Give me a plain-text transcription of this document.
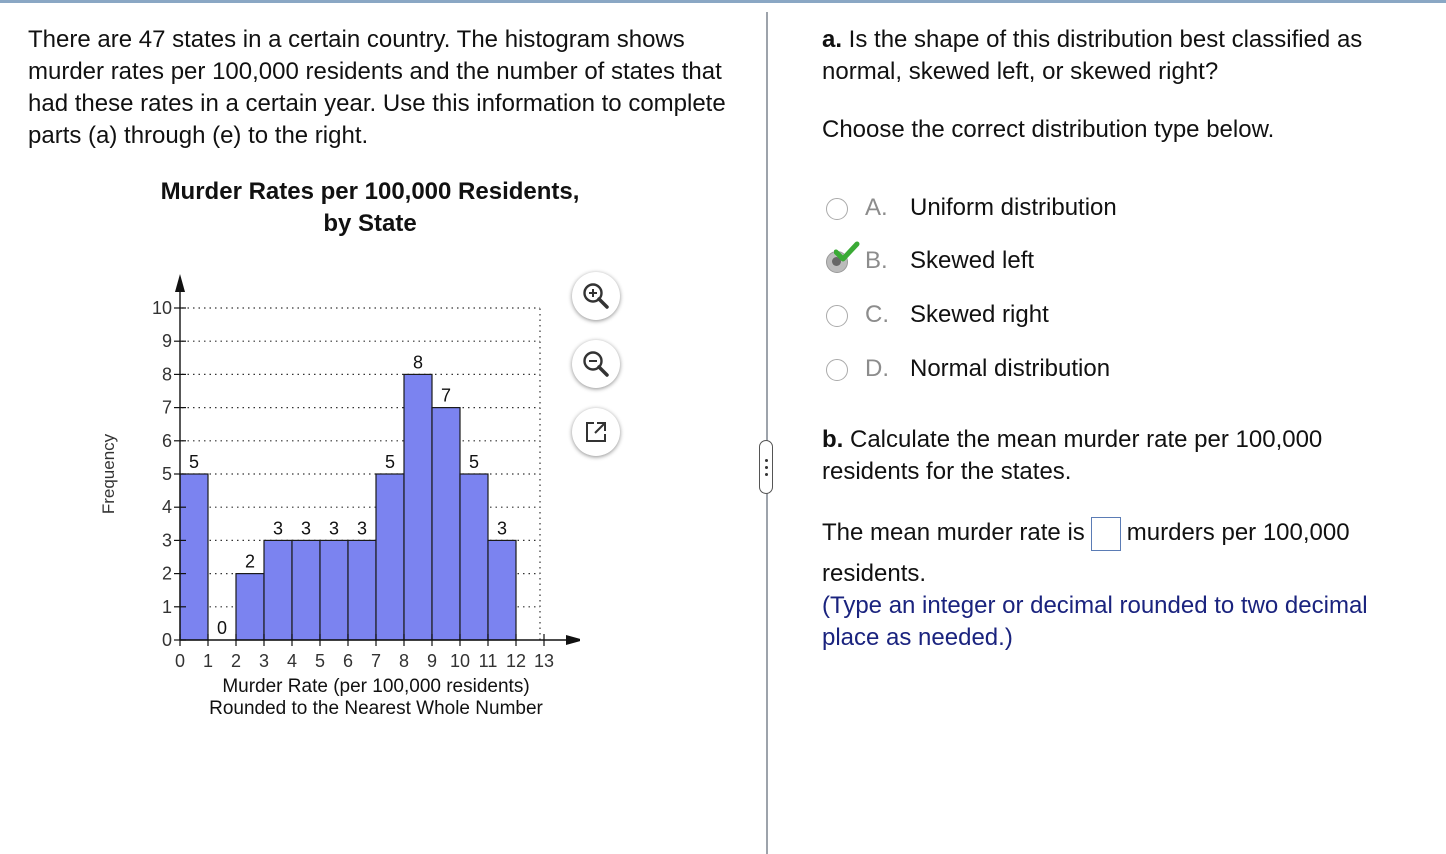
There are 47 states in a certain country. The histogram shows murder rates per 100,000 residents and the number of states that had these rates in a certain year. Use this information to complete parts (a) through (e) to the right.
Murder Rates per 100,000 Residents,
by State
5
0
2
3 3 3 3
5
8
7
5
3
0
1
2
3
4
5
6
7
8
9
10
0 1 2 3 4 5 6 7 8 9 10 11 12 13
Murder Rate (per 100,000 residents)
Rounded to the Nearest Whole Number
Frequency
a. Is the shape of this distribution best classified as normal, skewed left, or skewed right?
Choose the correct distribution type below.
A. Uniform distribution
B. Skewed left
C. Skewed right
D. Normal distribution
b. Calculate the mean murder rate per 100,000 residents for the states.
The mean murder rate is murders per 100,000
residents.
(Type an integer or decimal rounded to two decimal place as needed.)
